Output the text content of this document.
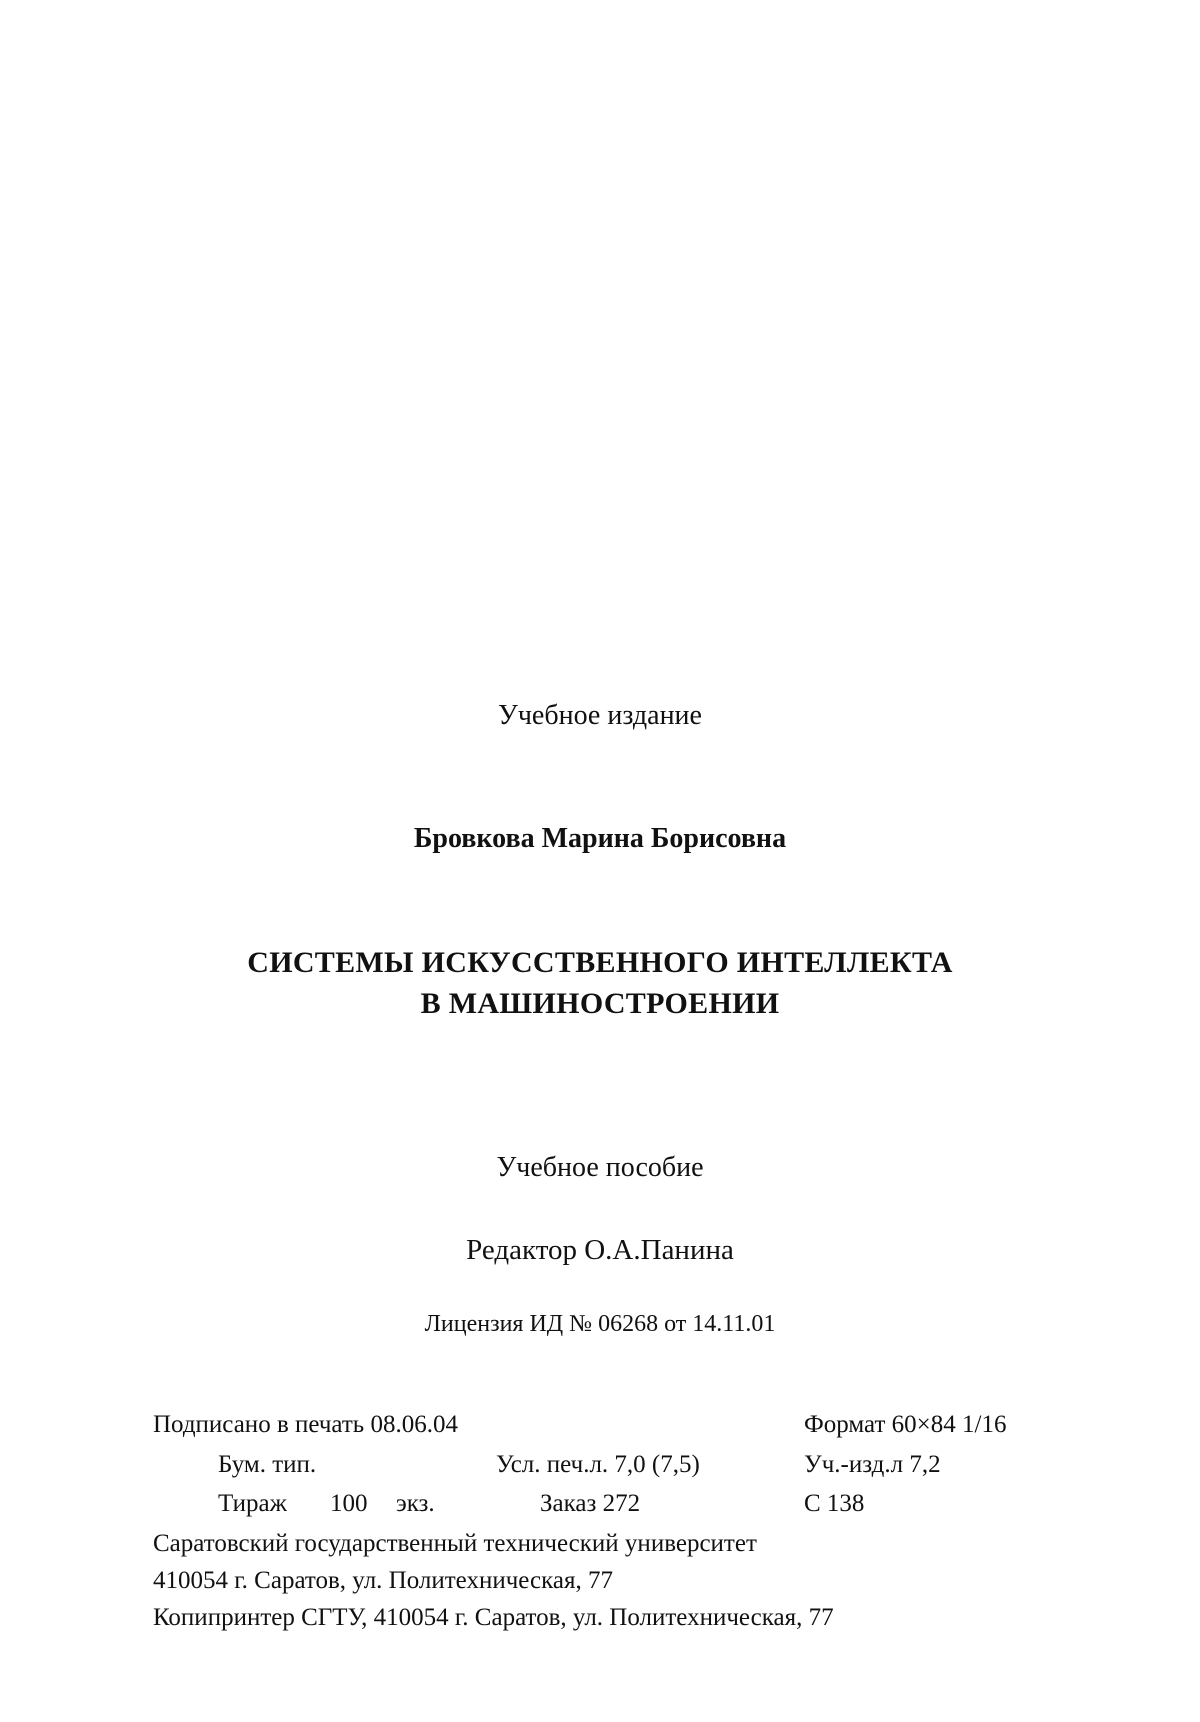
Учебное издание
Бровкова Марина Борисовна
СИСТЕМЫ ИСКУССТВЕННОГО ИНТЕЛЛЕКТА
В МАШИНОСТРОЕНИИ
Учебное пособие
Редактор О.А.Панина
Лицензия ИД № 06268 от 14.11.01
Подписано в печать 08.06.04	Формат 60×84 1/16
Бум. тип.	Усл. печ.л. 7,0 (7,5)	Уч.-изд.л 7,2
Тираж 100 экз.	Заказ 272	С 138
Саратовский государственный технический университет
410054 г. Саратов, ул. Политехническая, 77
Копипринтер СГТУ, 410054 г. Саратов, ул. Политехническая, 77
